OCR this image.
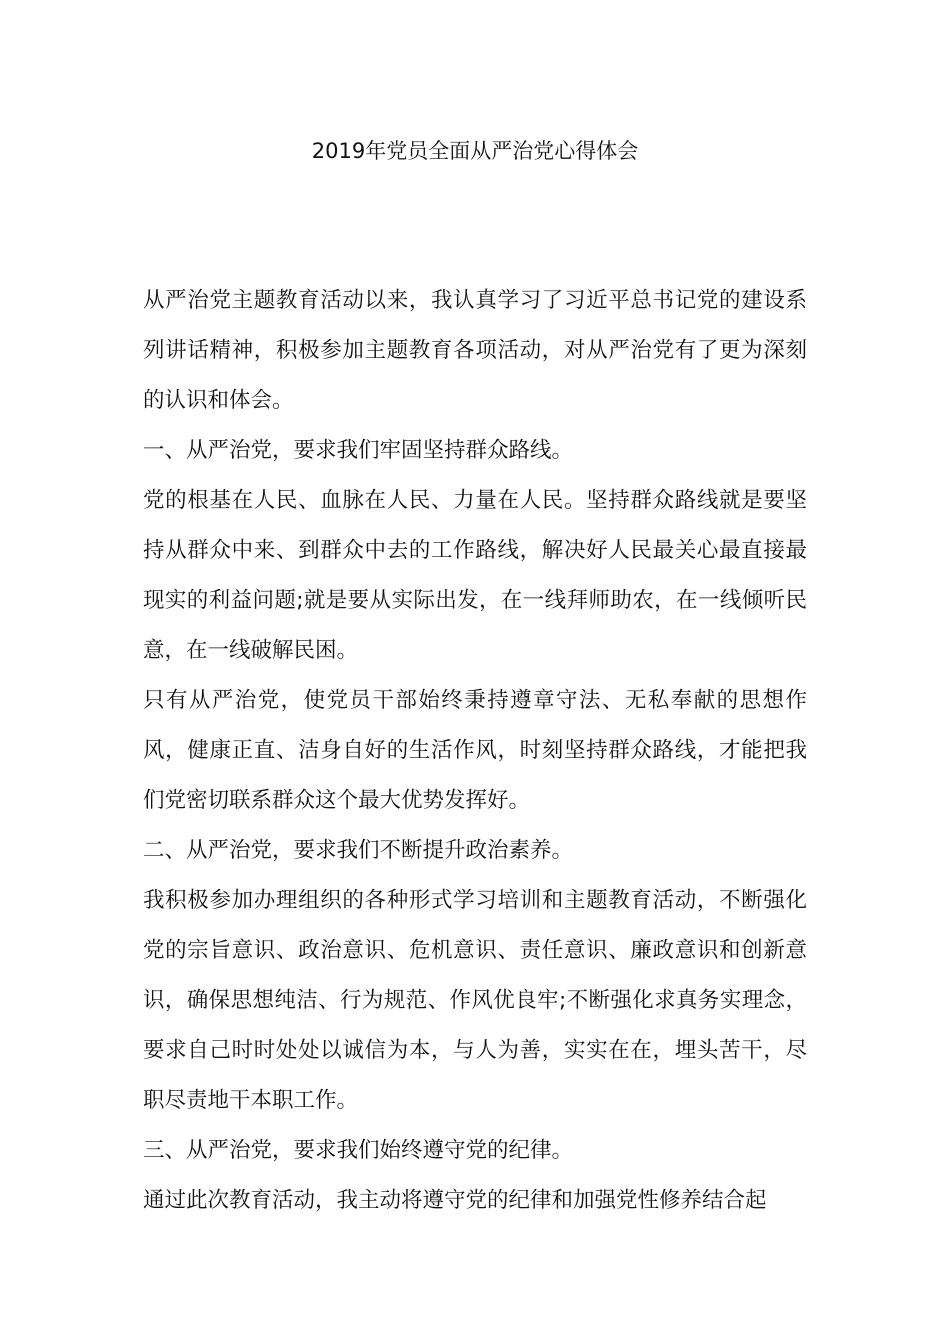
2019年党员全面从严治党心得体会

从严治党主题教育活动以来，我认真学习了习近平总书记党的建设系列讲话精神，积极参加主题教育各项活动，对从严治党有了更为深刻的认识和体会。

一、从严治党，要求我们牢固坚持群众路线。

党的根基在人民、血脉在人民、力量在人民。坚持群众路线就是要坚持从群众中来、到群众中去的工作路线，解决好人民最关心最直接最现实的利益问题;就是要从实际出发，在一线拜师助农，在一线倾听民意，在一线破解民困。

只有从严治党，使党员干部始终秉持遵章守法、无私奉献的思想作风，健康正直、洁身自好的生活作风，时刻坚持群众路线，才能把我们党密切联系群众这个最大优势发挥好。

二、从严治党，要求我们不断提升政治素养。

我积极参加办理组织的各种形式学习培训和主题教育活动，不断强化党的宗旨意识、政治意识、危机意识、责任意识、廉政意识和创新意识，确保思想纯洁、行为规范、作风优良牢;不断强化求真务实理念，要求自己时时处处以诚信为本，与人为善，实实在在，埋头苦干，尽职尽责地干本职工作。

三、从严治党，要求我们始终遵守党的纪律。

通过此次教育活动，我主动将遵守党的纪律和加强党性修养结合起
